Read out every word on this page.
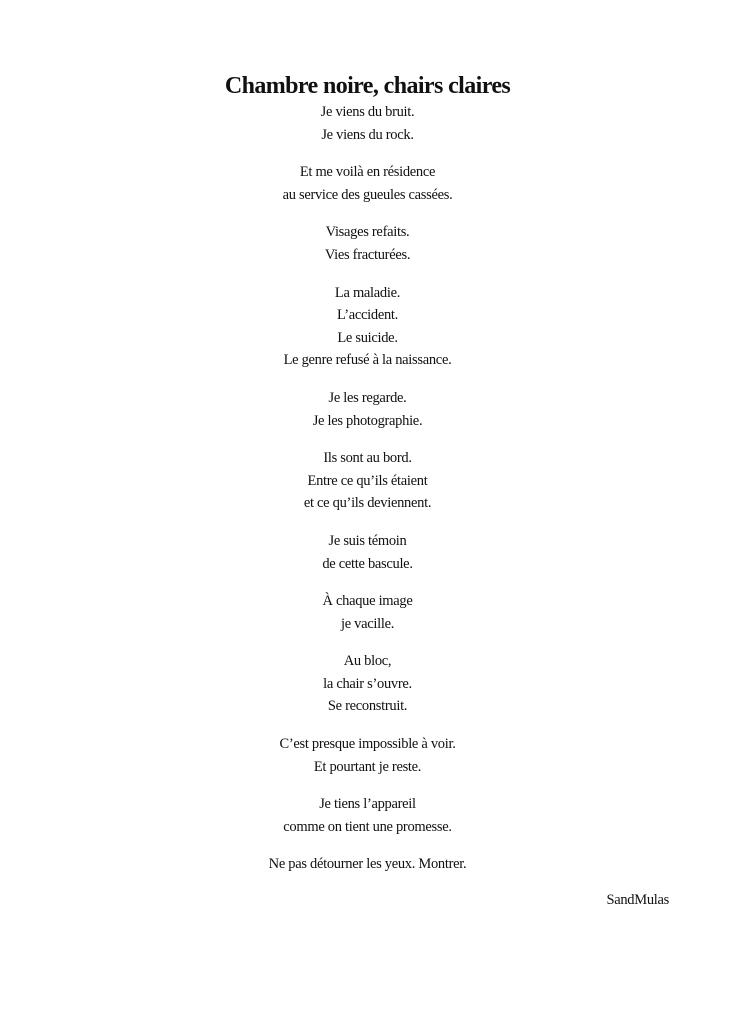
Chambre noire, chairs claires
Je viens du bruit.
Je viens du rock.
Et me voilà en résidence
au service des gueules cassées.
Visages refaits.
Vies fracturées.
La maladie.
L’accident.
Le suicide.
Le genre refusé à la naissance.
Je les regarde.
Je les photographie.
Ils sont au bord.
Entre ce qu’ils étaient
et ce qu’ils deviennent.
Je suis témoin
de cette bascule.
À chaque image
je vacille.
Au bloc,
la chair s’ouvre.
Se reconstruit.
C’est presque impossible à voir.
Et pourtant je reste.
Je tiens l’appareil
comme on tient une promesse.
Ne pas détourner les yeux. Montrer.
SandMulas
